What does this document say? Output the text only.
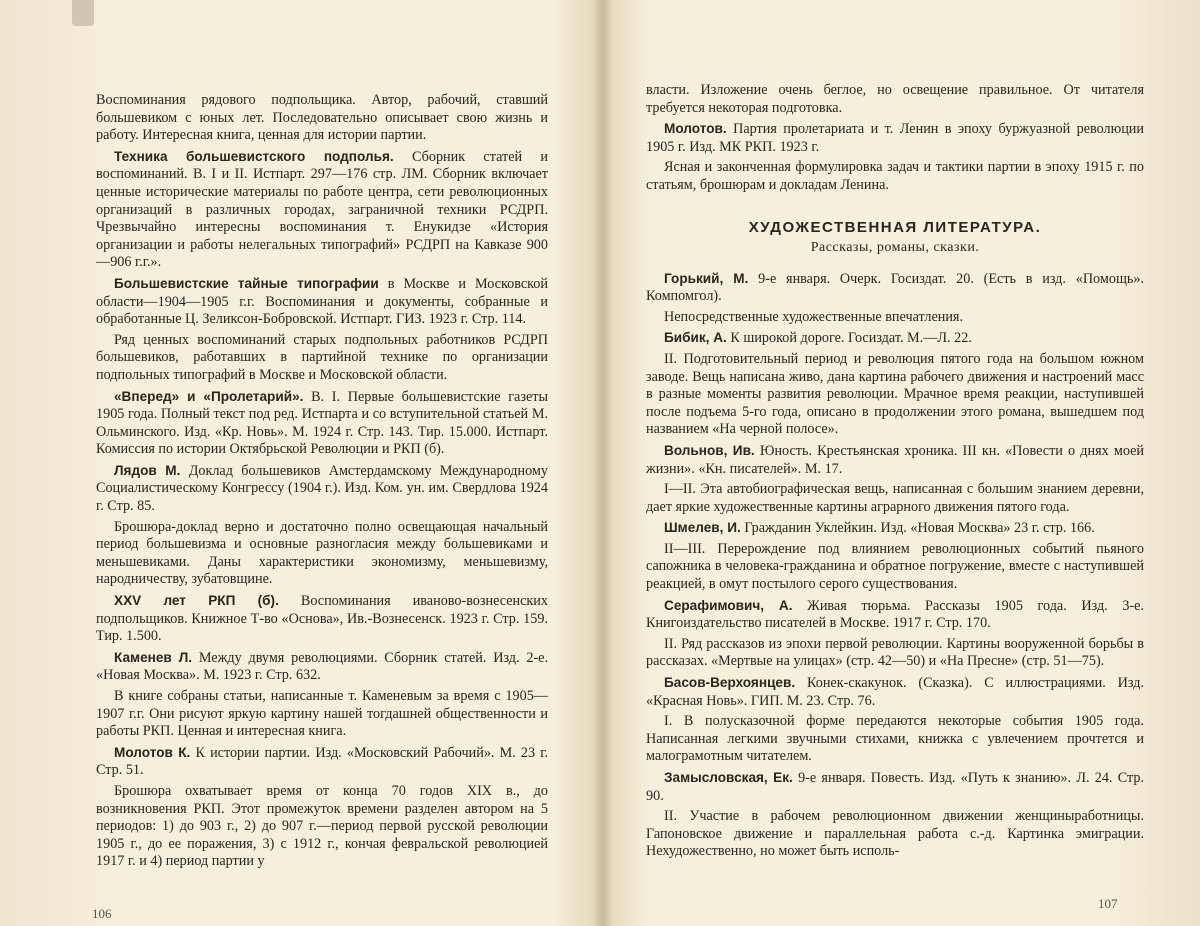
Воспоминания рядового подпольщика. Автор, рабочий, ставший большевиком с юных лет. Последовательно описывает свою жизнь и работу. Интересная книга, ценная для истории партии.

Техника большевистского подполья. Сборник статей и воспоминаний. В. I и II. Истпарт. 297—176 стр. ЛМ. Сборник включает ценные исторические материалы по работе центра, сети революционных организаций в различных городах, заграничной техники РСДРП. Чрезвычайно интересны воспоминания т. Енукидзе «История организации и работы нелегальных типографий» РСДРП на Кавказе 900—906 г.г.».

Большевистские тайные типографии в Москве и Московской области—1904—1905 г.г. Воспоминания и документы, собранные и обработанные Ц. Зеликсон-Бобровской. Истпарт. ГИЗ. 1923 г. Стр. 114.

Ряд ценных воспоминаний старых подпольных работников РСДРП большевиков, работавших в партийной технике по организации подпольных типографий в Москве и Московской области.

«Вперед» и «Пролетарий». В. I. Первые большевистские газеты 1905 года. Полный текст под ред. Истпарта и со вступительной статьей М. Ольминского. Изд. «Кр. Новь». М. 1924 г. Стр. 143. Тир. 15.000. Истпарт. Комиссия по истории Октябрьской Революции и РКП (б).

Лядов М. Доклад большевиков Амстердамскому Международному Социалистическому Конгрессу (1904 г.). Изд. Ком. ун. им. Свердлова 1924 г. Стр. 85.

Брошюра-доклад верно и достаточно полно освещающая начальный период большевизма и основные разногласия между большевиками и меньшевиками. Даны характеристики экономизму, меньшевизму, народничеству, зубатовщине.

XXV лет РКП (б). Воспоминания иваново-вознесенских подпольщиков. Книжное Т-во «Основа», Ив.-Вознесенск. 1923 г. Стр. 159. Тир. 1.500.

Каменев Л. Между двумя революциями. Сборник статей. Изд. 2-е. «Новая Москва». М. 1923 г. Стр. 632.

В книге собраны статьи, написанные т. Каменевым за время с 1905—1907 г.г. Они рисуют яркую картину нашей тогдашней общественности и работы РКП. Ценная и интересная книга.

Молотов К. К истории партии. Изд. «Московский Рабочий». М. 23 г. Стр. 51.

Брошюра охватывает время от конца 70 годов XIX в., до возникновения РКП. Этот промежуток времени разделен автором на 5 периодов: 1) до 903 г., 2) до 907 г.—период первой русской революции 1905 г., до ее поражения, 3) с 1912 г., кончая февральской революцией 1917 г. и 4) период партии у

106

власти. Изложение очень беглое, но освещение правильное. От читателя требуется некоторая подготовка.

Молотов. Партия пролетариата и т. Ленин в эпоху буржуазной революции 1905 г. Изд. МК РКП. 1923 г.

Ясная и законченная формулировка задач и тактики партии в эпоху 1915 г. по статьям, брошюрам и докладам Ленина.

ХУДОЖЕСТВЕННАЯ ЛИТЕРАТУРА.
Рассказы, романы, сказки.

Горький, М. 9-е января. Очерк. Госиздат. 20. (Есть в изд. «Помощь». Компомгол).

Непосредственные художественные впечатления.

Бибик, А. К широкой дороге. Госиздат. М.—Л. 22.

II. Подготовительный период и революция пятого года на большом южном заводе. Вещь написана живо, дана картина рабочего движения и настроений масс в разные моменты развития революции. Мрачное время реакции, наступившей после подъема 5-го года, описано в продолжении этого романа, вышедшем под названием «На черной полосе».

Вольнов, Ив. Юность. Крестьянская хроника. III кн. «Повести о днях моей жизни». «Кн. писателей». М. 17.

I—II. Эта автобиографическая вещь, написанная с большим знанием деревни, дает яркие художественные картины аграрного движения пятого года.

Шмелев, И. Гражданин Уклейкин. Изд. «Новая Москва» 23 г. стр. 166.

II—III. Перерождение под влиянием революционных событий пьяного сапожника в человека-гражданина и обратное погружение, вместе с наступившей реакцией, в омут постылого серого существования.

Серафимович, А. Живая тюрьма. Рассказы 1905 года. Изд. 3-е. Книгоиздательство писателей в Москве. 1917 г. Стр. 170.

II. Ряд рассказов из эпохи первой революции. Картины вооруженной борьбы в рассказах. «Мертвые на улицах» (стр. 42—50) и «На Пресне» (стр. 51—75).

Басов-Верхоянцев. Конек-скакунок. (Сказка). С иллюстрациями. Изд. «Красная Новь». ГИП. М. 23. Стр. 76.

I. В полусказочной форме передаются некоторые события 1905 года. Написанная легкими звучными стихами, книжка с увлечением прочтется и малограмотным читателем.

Замысловская, Ек. 9-е января. Повесть. Изд. «Путь к знанию». Л. 24. Стр. 90.

II. Участие в рабочем революционном движении женщиныработницы. Гапоновское движение и параллельная работа с.-д. Картинка эмиграции. Нехудожественно, но может быть исполь-

107
